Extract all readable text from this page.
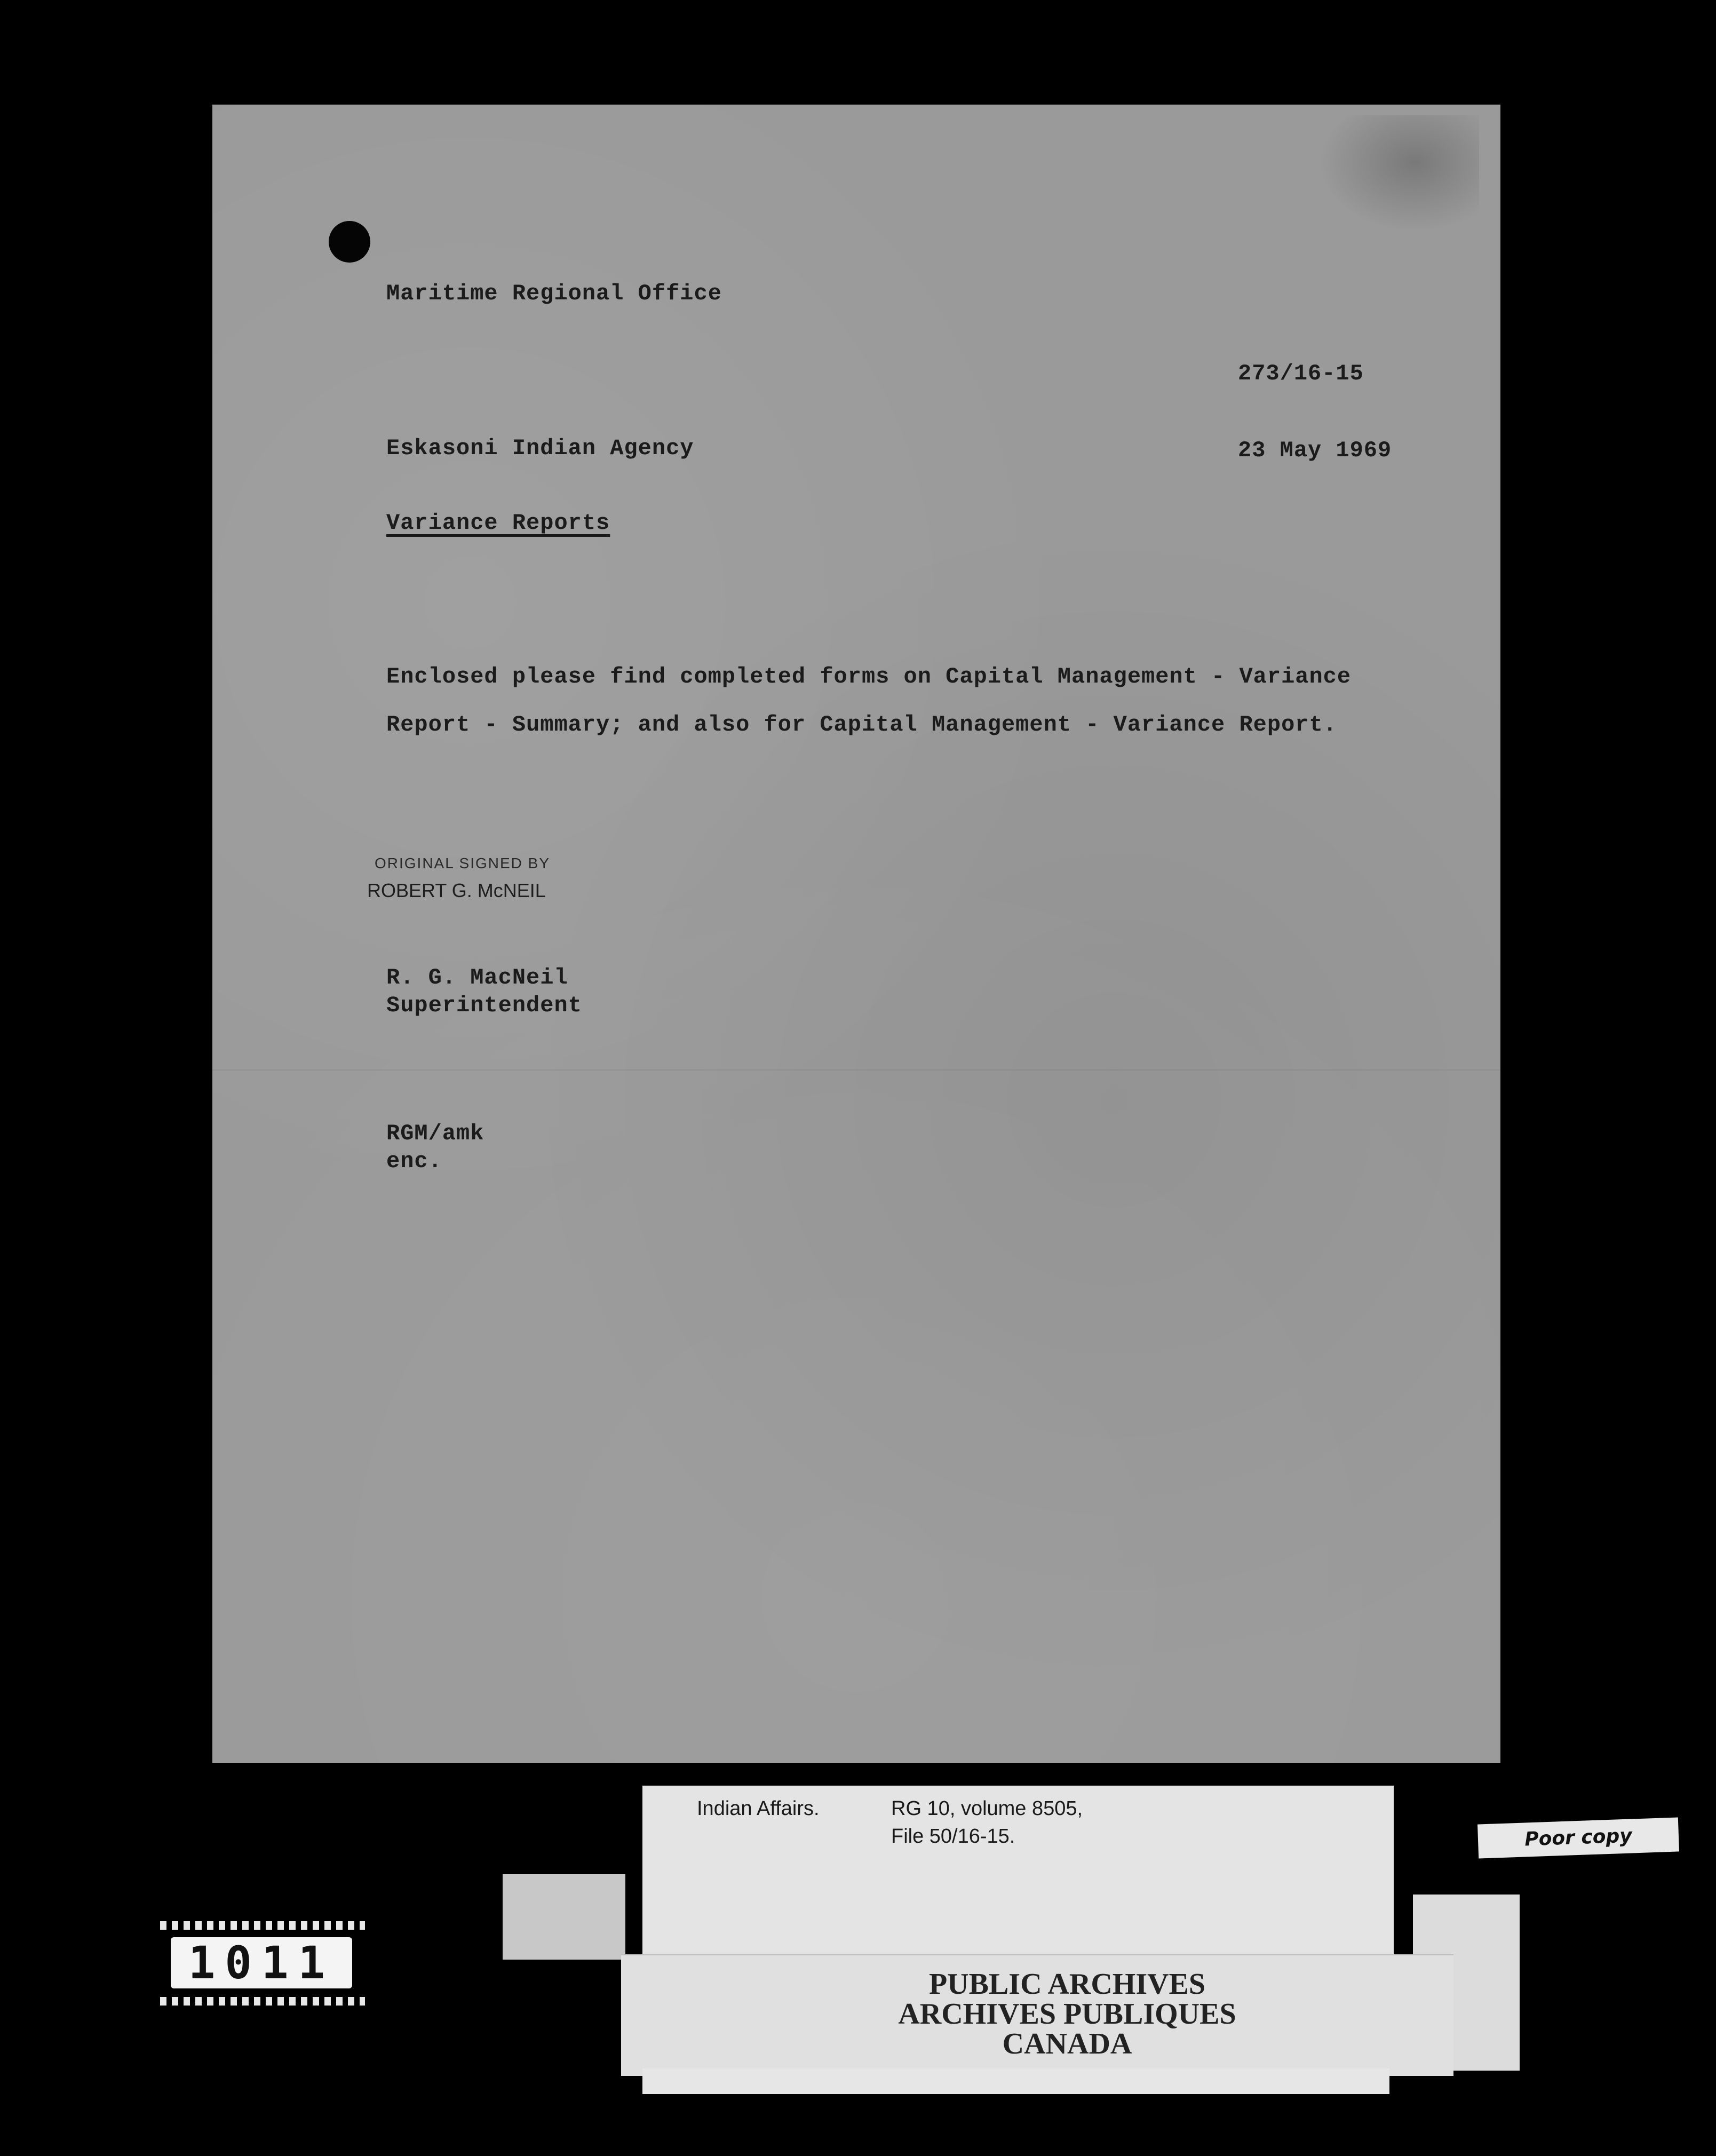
Maritime Regional Office
273/16-15
Eskasoni Indian Agency	23 May 1969
Variance Reports
Enclosed please find completed forms on Capital Management - Variance
Report - Summary; and also for Capital Management - Variance Report.
ORIGINAL SIGNED BY
ROBERT G. McNEIL
R. G. MacNeil
Superintendent
RGM/amk
enc.
Indian Affairs.	RG 10, volume 8505,
File 50/16-15.
PUBLIC ARCHIVES
ARCHIVES PUBLIQUES
CANADA
Poor copy
1011
